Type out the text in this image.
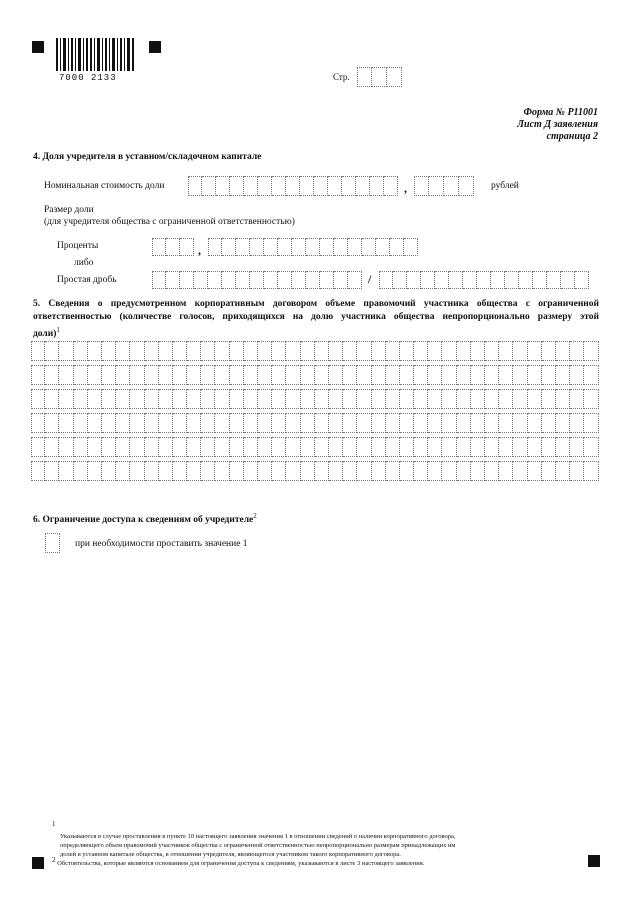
7000 2133	Стр.
Форма № Р11001
Лист Д заявления
страница 2
4. Доля учредителя в уставном/складочном капитале
Номинальная стоимость доли	,	рублей
Размер доли
(для учредителя общества с ограниченной ответственностью)
Проценты	,
либо
Простая дробь	/
5. Сведения о предусмотренном корпоративным договором объеме правомочий участника общества с ограниченной
ответственностью (количестве голосов, приходящихся на долю участника общества непропорционально размеру этой
доли)$^1$
6. Ограничение доступа к сведениям об учредителе$^2$
при необходимости проставить значение 1
$^1$
Указываются в случае проставления в пункте 10 настоящего заявления значения 1 в отношении сведений о наличии корпоративного договора,
определяющего объем правомочий участников общества с ограниченной ответственностью непропорционально размерам принадлежащих им
долей в уставном капитале общества, в отношении учредителя, являющегося участником такого корпоративного договора.
$^2$ Обстоятельства, которые являются основанием для ограничения доступа к сведениям, указываются в листе 3 настоящего заявления.
